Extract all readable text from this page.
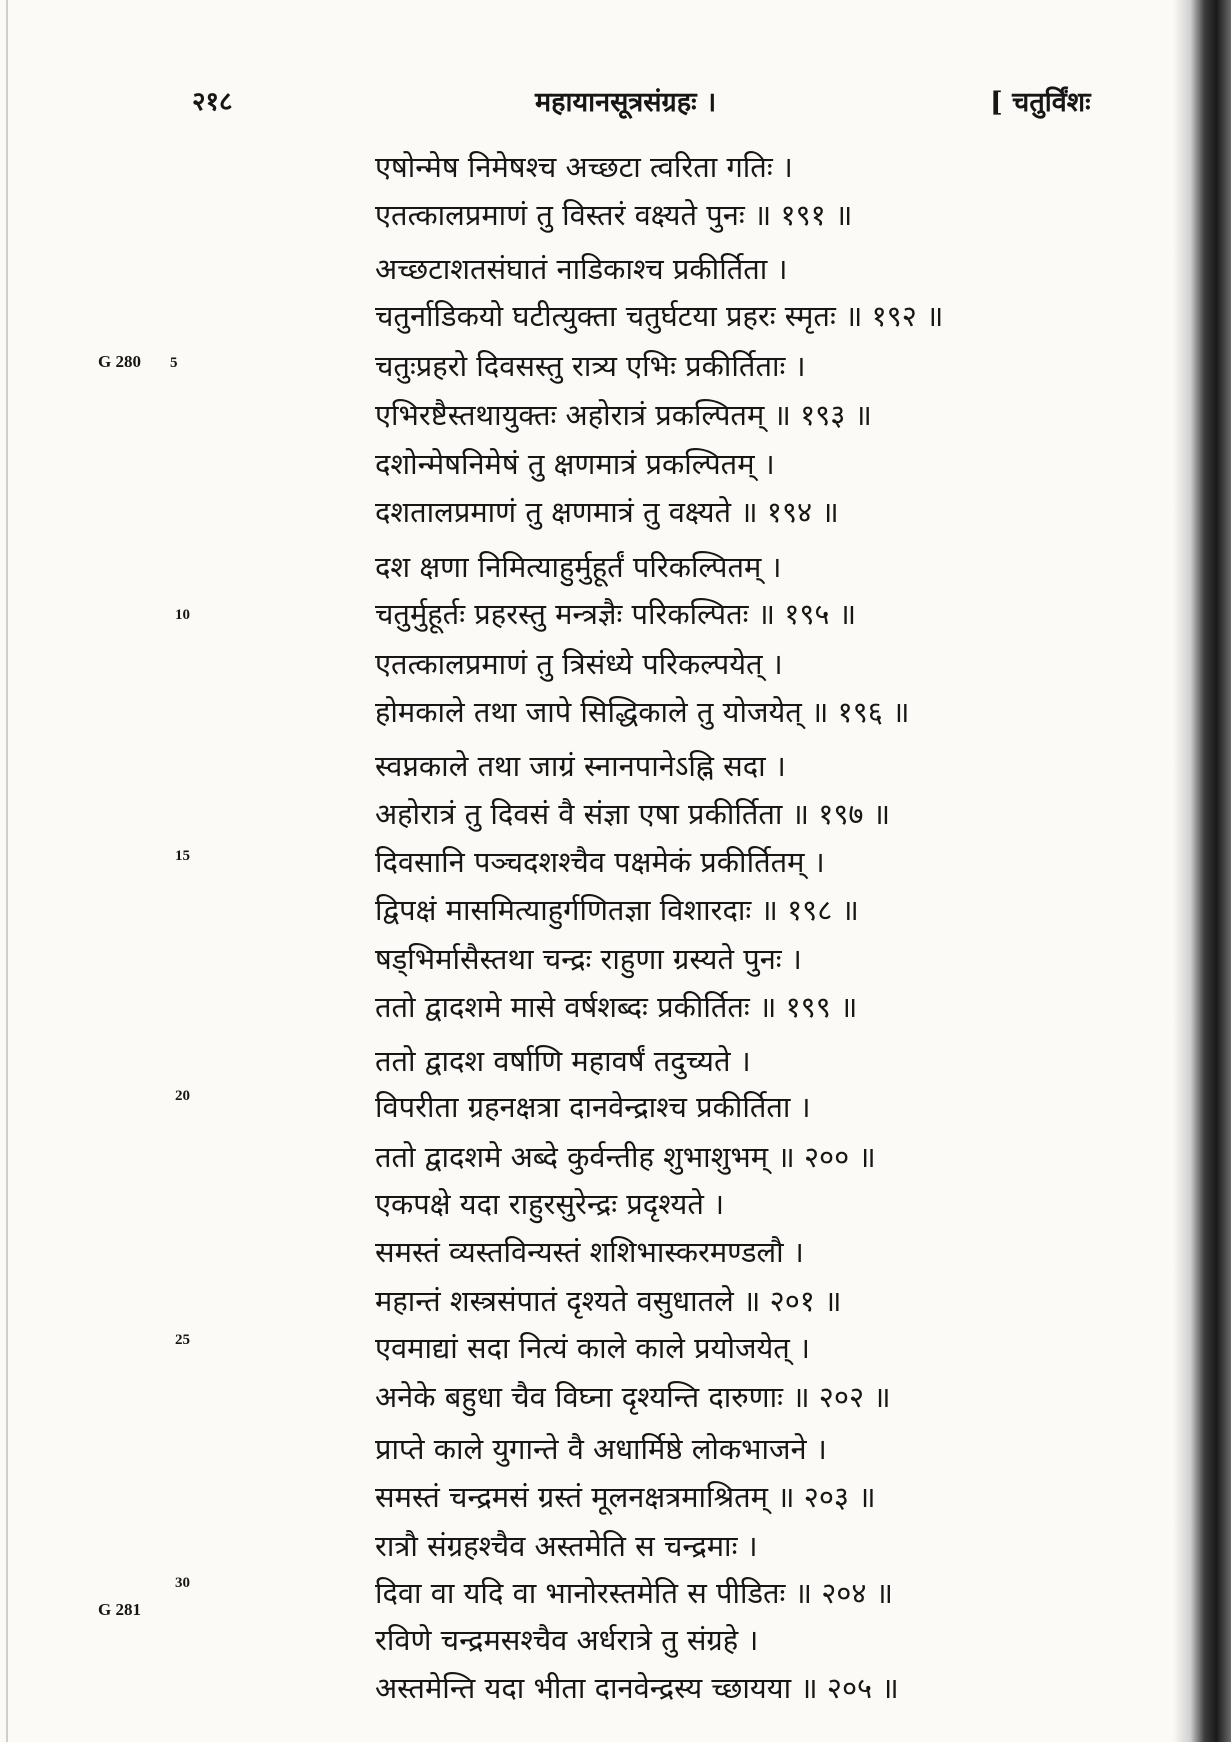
२१८	महायानसूत्रसंग्रहः ।	[ चतुर्विंशः
G 280
G 281
5
10
15
20
25
30
एषोन्मेष निमेषश्च अच्छटा त्वरिता गतिः ।
एतत्कालप्रमाणं तु विस्तरं वक्ष्यते पुनः ॥ १९१ ॥
अच्छटाशतसंघातं नाडिकाश्च प्रकीर्तिता ।
चतुर्नाडिकयो घटीत्युक्ता चतुर्घटया प्रहरः स्मृतः ॥ १९२ ॥
चतुःप्रहरो दिवसस्तु रात्र्य एभिः प्रकीर्तिताः ।
एभिरष्टैस्तथायुक्तः अहोरात्रं प्रकल्पितम् ॥ १९३ ॥
दशोन्मेषनिमेषं तु क्षणमात्रं प्रकल्पितम् ।
दशतालप्रमाणं तु क्षणमात्रं तु वक्ष्यते ॥ १९४ ॥
दश क्षणा निमित्याहुर्मुहूर्तं परिकल्पितम् ।
चतुर्मुहूर्तः प्रहरस्तु मन्त्रज्ञैः परिकल्पितः ॥ १९५ ॥
एतत्कालप्रमाणं तु त्रिसंध्ये परिकल्पयेत् ।
होमकाले तथा जापे सिद्धिकाले तु योजयेत् ॥ १९६ ॥
स्वप्नकाले तथा जाग्रं स्नानपानेऽह्नि सदा ।
अहोरात्रं तु दिवसं वै संज्ञा एषा प्रकीर्तिता ॥ १९७ ॥
दिवसानि पञ्चदशश्चैव पक्षमेकं प्रकीर्तितम् ।
द्विपक्षं मासमित्याहुर्गणितज्ञा विशारदाः ॥ १९८ ॥
षड्भिर्मासैस्तथा चन्द्रः राहुणा ग्रस्यते पुनः ।
ततो द्वादशमे मासे वर्षशब्दः प्रकीर्तितः ॥ १९९ ॥
ततो द्वादश वर्षाणि महावर्षं तदुच्यते ।
विपरीता ग्रहनक्षत्रा दानवेन्द्राश्च प्रकीर्तिता ।
ततो द्वादशमे अब्दे कुर्वन्तीह शुभाशुभम् ॥ २०० ॥
एकपक्षे यदा राहुरसुरेन्द्रः प्रदृश्यते ।
समस्तं व्यस्तविन्यस्तं शशिभास्करमण्डलौ ।
महान्तं शस्त्रसंपातं दृश्यते वसुधातले ॥ २०१ ॥
एवमाद्यां सदा नित्यं काले काले प्रयोजयेत् ।
अनेके बहुधा चैव विघ्ना दृश्यन्ति दारुणाः ॥ २०२ ॥
प्राप्ते काले युगान्ते वै अधार्मिष्ठे लोकभाजने ।
समस्तं चन्द्रमसं ग्रस्तं मूलनक्षत्रमाश्रितम् ॥ २०३ ॥
रात्रौ संग्रहश्चैव अस्तमेति स चन्द्रमाः ।
दिवा वा यदि वा भानोरस्तमेति स पीडितः ॥ २०४ ॥
रविणे चन्द्रमसश्चैव अर्धरात्रे तु संग्रहे ।
अस्तमेन्ति यदा भीता दानवेन्द्रस्य च्छायया ॥ २०५ ॥
